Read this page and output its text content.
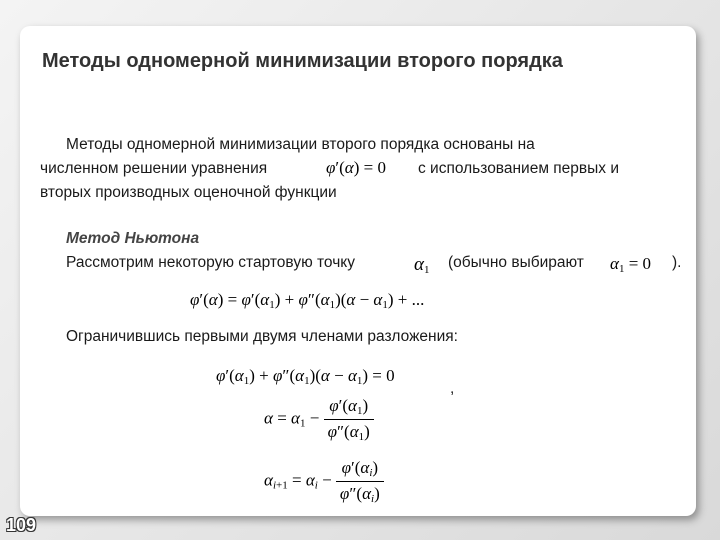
Методы одномерной минимизации второго порядка
Методы одномерной минимизации второго порядка основаны на
численном решении уравнения	φ′(α) = 0 с использованием первых и
вторых производных оценочной функции
Метод Ньютона
Рассмотрим некоторую стартовую точку	$\alpha_1$ (обычно выбирают $\alpha_1 = 0$ ).
$\varphi'(\alpha) = \varphi'(\alpha_1) + \varphi''(\alpha_1)(\alpha - \alpha_1)$ + ...
Ограничившись первыми двумя членами разложения:
$\varphi'(\alpha_1) + \varphi''(\alpha_1)(\alpha - \alpha_1) = 0$
,
$\alpha = \alpha_1 - \frac{\varphi'(\alpha_1)}{\varphi''(\alpha_1)}$
$\alpha_{i+1} = \alpha_i - \frac{\varphi'(\alpha_i)}{\varphi''(\alpha_i)}$
109
